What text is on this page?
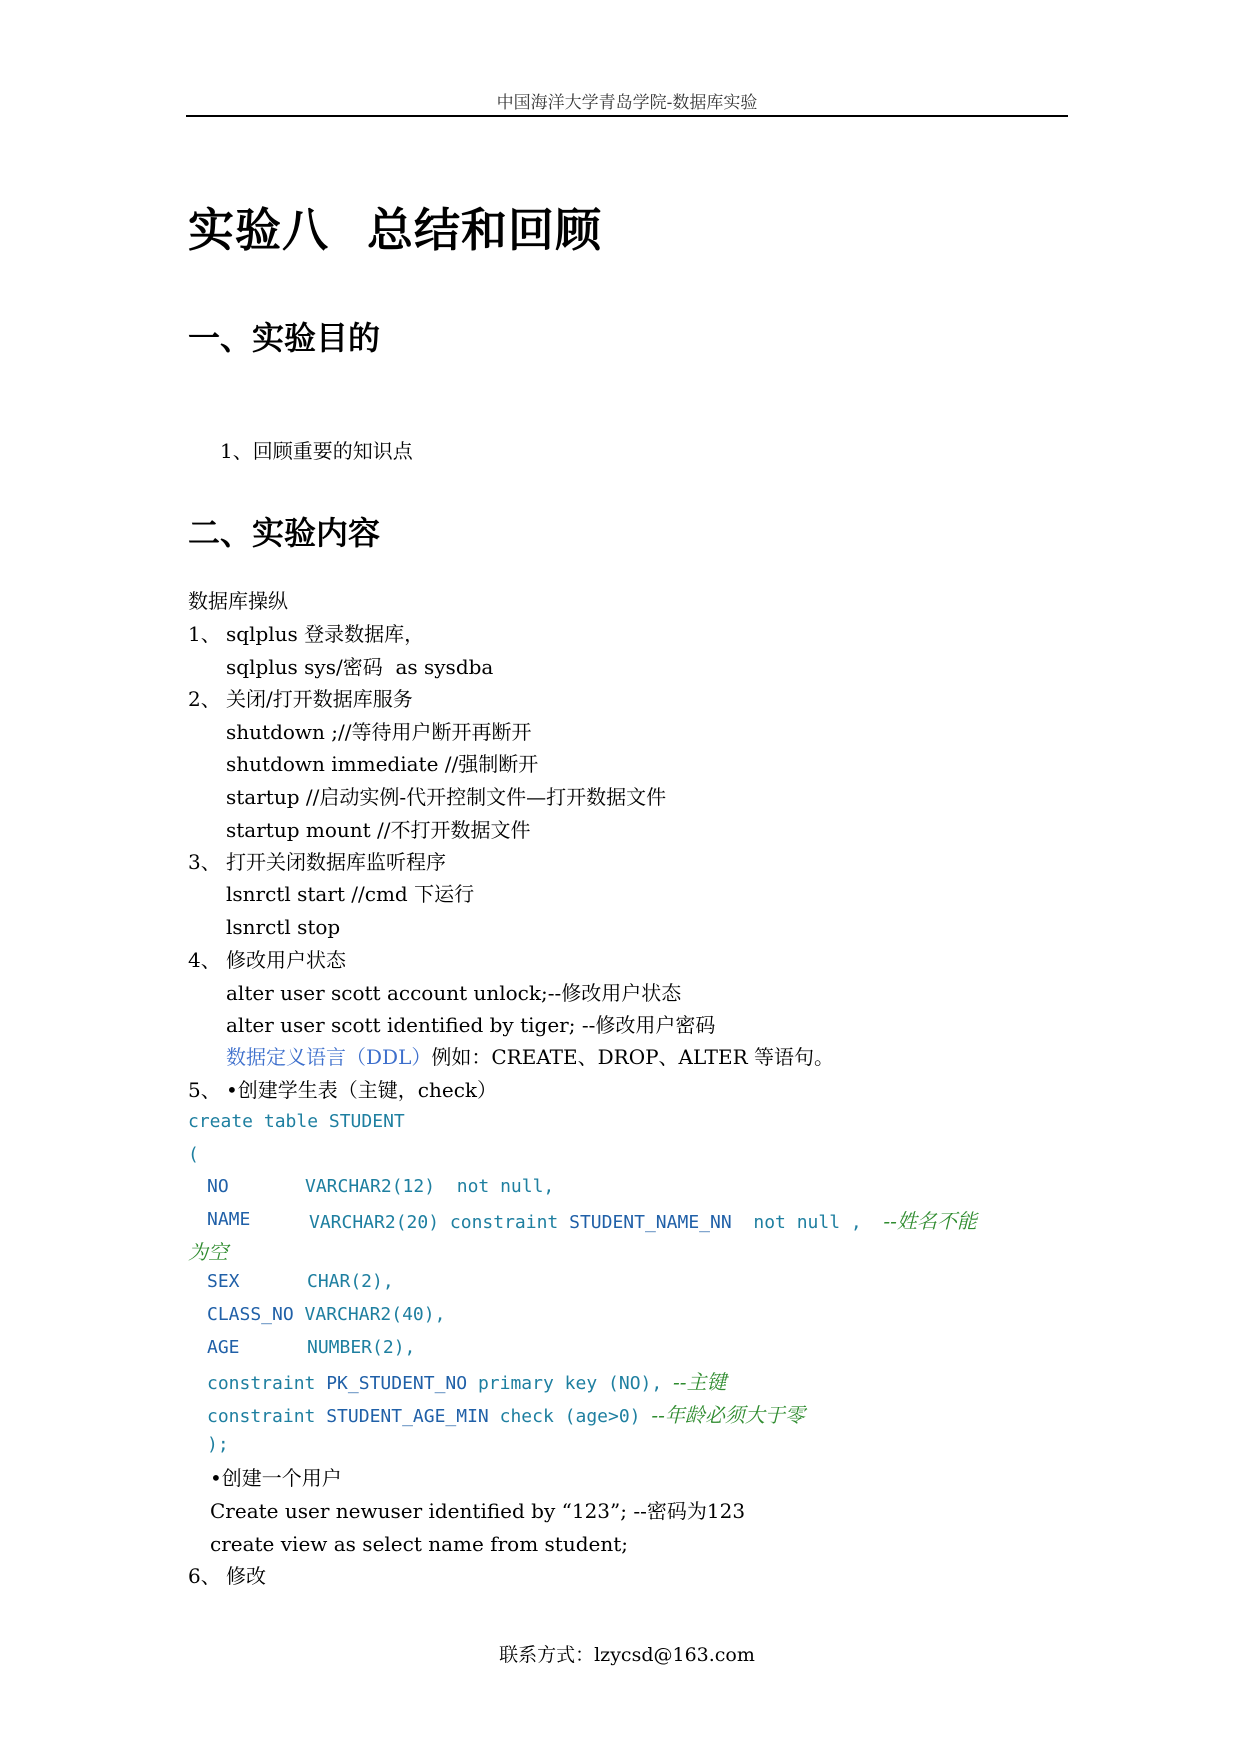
中国海洋大学青岛学院-数据库实验
实验八 总结和回顾
一、实验目的
1、回顾重要的知识点
二、实验内容
数据库操纵
1、 sqlplus 登录数据库，
sqlplus sys/密码  as sysdba
2、 关闭/打开数据库服务
shutdown ;//等待用户断开再断开
shutdown immediate //强制断开
startup //启动实例-代开控制文件—打开数据文件
startup mount //不打开数据文件
3、 打开关闭数据库监听程序
lsnrctl start //cmd 下运行
lsnrctl stop
4、 修改用户状态
alter user scott account unlock;--修改用户状态
alter user scott identified by tiger; --修改用户密码
数据定义语言（DDL）例如：CREATE、DROP、ALTER 等语句。
5、 •创建学生表（主键，check）
create table STUDENT
(
NO	VARCHAR2(12) not null,
NAME	VARCHAR2(20) constraint STUDENT_NAME_NN not null , --姓名不能
为空
SEX	CHAR(2),
CLASS_NO VARCHAR2(40),
AGE	NUMBER(2),
constraint PK_STUDENT_NO primary key (NO), --主键
constraint STUDENT_AGE_MIN check (age>0) --年龄必须大于零
);
•创建一个用户
Create user newuser identified by “123”; --密码为123
create view as select name from student;
6、 修改
联系方式：lzycsd@163.com
